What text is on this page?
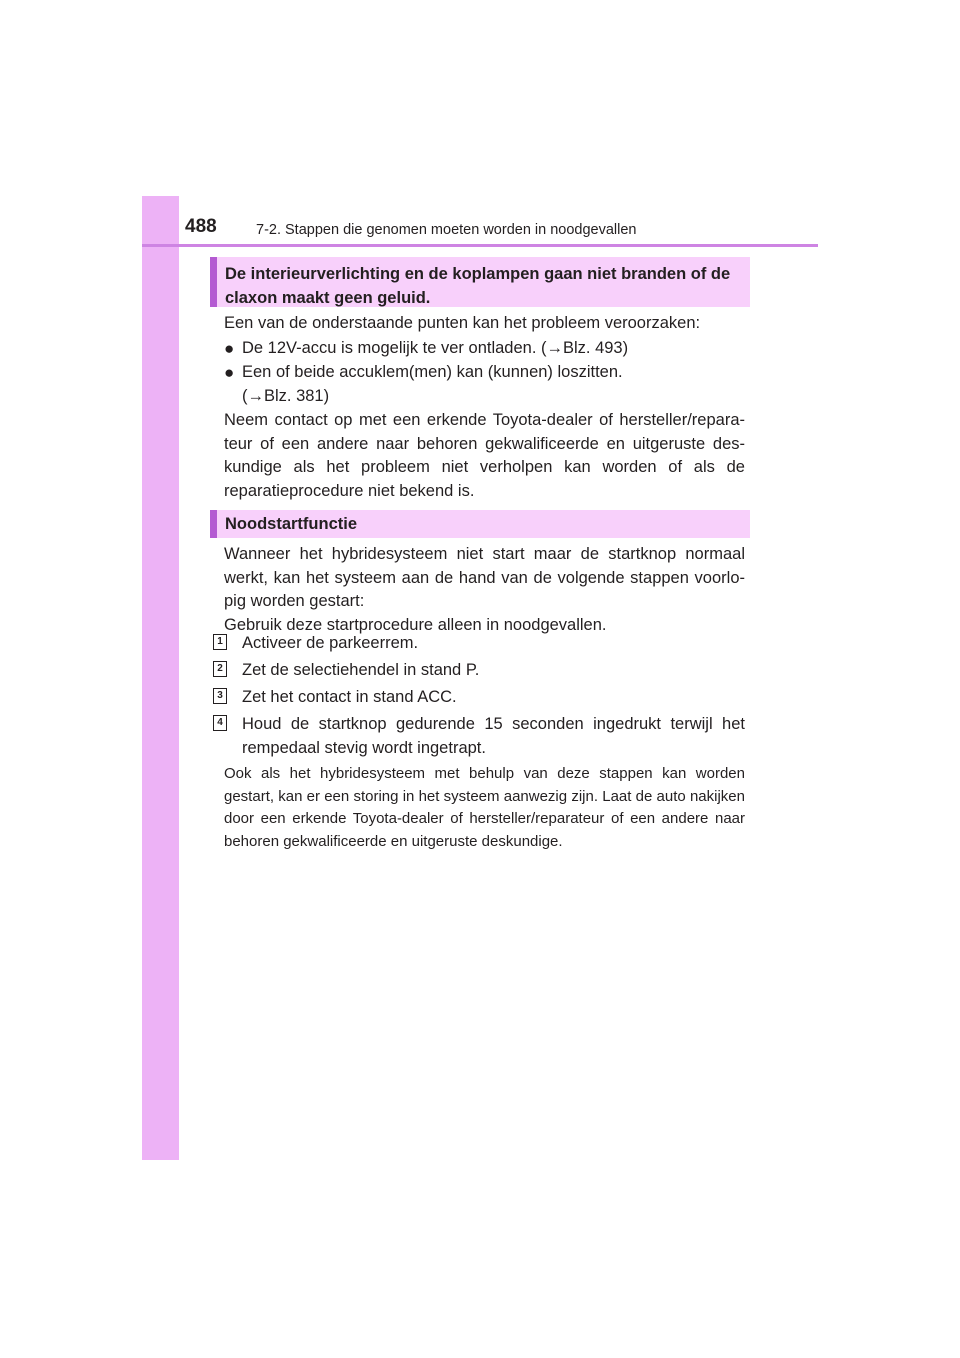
488	7-2. Stappen die genomen moeten worden in noodgevallen
De interieurverlichting en de koplampen gaan niet branden of de
claxon maakt geen geluid.
Een van de onderstaande punten kan het probleem veroorzaken:
● De 12V-accu is mogelijk te ver ontladen. (→Blz. 493)
● Een of beide accuklem(men) kan (kunnen) loszitten.
(→Blz. 381)
Neem contact op met een erkende Toyota-dealer of hersteller/repara-teur of een andere naar behoren gekwalificeerde en uitgeruste des-kundige als het probleem niet verholpen kan worden of als de reparatieprocedure niet bekend is.
Noodstartfunctie
Wanneer het hybridesysteem niet start maar de startknop normaal werkt, kan het systeem aan de hand van de volgende stappen voorlo-pig worden gestart:
Gebruik deze startprocedure alleen in noodgevallen.
1 Activeer de parkeerrem.
2 Zet de selectiehendel in stand P.
3 Zet het contact in stand ACC.
4 Houd de startknop gedurende 15 seconden ingedrukt terwijl het rempedaal stevig wordt ingetrapt.
Ook als het hybridesysteem met behulp van deze stappen kan worden gestart, kan er een storing in het systeem aanwezig zijn. Laat de auto nakijken door een erkende Toyota-dealer of hersteller/reparateur of een andere naar behoren gekwalificeerde en uitgeruste deskundige.
